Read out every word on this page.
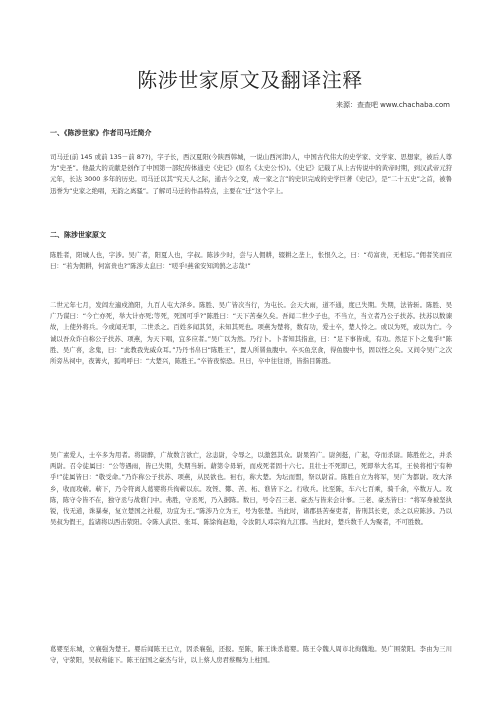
陈涉世家原文及翻译注释
来源：查查吧 www.chachaba.com
一、《陈涉世家》作者司马迁简介

司马迁(前 145 或前 135－前 87?)，字子长，西汉夏阳(今陕西韩城，一说山西河津)人，中国古代伟大的史学家、文学家、思想家，被后人尊为“史圣”。他最大的贡献是创作了中国第一部纪传体通史《史记》(原名《太史公书》)。《史记》记载了从上古传说中的黄帝时期，到汉武帝元狩元年，长达 3000 多年的历史。司马迁以其“究天人之际，通古今之变，成一家之言”的史识完成的史学巨著《史记》，是“二十五史”之首，被鲁迅誉为“史家之绝唱，无韵之离骚”。了解司马迁的作品特点，主要在“迁”这个字上。

二、陈涉世家原文

陈胜者，阳城人也，字涉。吴广者，阳夏人也，字叔。陈涉少时，尝与人佣耕，辍耕之垄上，怅恨久之，曰：“苟富贵，无相忘。”佣者笑而应曰：“若为佣耕，何富贵也?”陈涉太息曰：“嗟乎!燕雀安知鸿鹄之志哉!”

二世元年七月，发闾左適戍渔阳，九百人屯大泽乡。陈胜、吴广皆次当行，为屯长。会天大雨，道不通，度已失期。失期，法皆斩。陈胜、吴广乃谋曰：“今亡亦死，举大计亦死;等死，死国可乎?”陈胜曰：“天下苦秦久矣。吾闻二世少子也，不当立，当立者乃公子扶苏。扶苏以数谏故，上使外将兵。今或闻无罪，二世杀之。百姓多闻其贤，未知其死也。项燕为楚将，数有功，爱士卒，楚人怜之。或以为死，或以为亡。今诚以吾众诈自称公子扶苏、项燕，为天下唱，宜多应者。”吴广以为然。乃行卜。卜者知其指意，曰：“足下事皆成，有功。然足下卜之鬼乎!”陈胜、吴广喜，念鬼，曰：“此教我先威众耳。”乃丹书帛曰“陈胜王”，置人所罾鱼腹中。卒买鱼烹食，得鱼腹中书，固以怪之矣。又间令吴广之次所旁丛祠中，夜篝火，狐鸣呼曰：“大楚兴，陈胜王。”卒皆夜惊恐。旦日，卒中往往语，皆指目陈胜。

吴广素爱人，士卒多为用者。将尉醉，广故数言欲亡，忿恚尉，令辱之，以激怒其众。尉果笞广。尉剑挺，广起，夺而杀尉。陈胜佐之，并杀两尉。召令徒属曰：“公等遇雨，皆已失期，失期当斩。藉第令毋斩，而戍死者固十六七。且壮士不死即已，死即举大名耳，王侯将相宁有种乎!”徒属皆曰：“敬受命。”乃诈称公子扶苏、项燕，从民欲也。袒右，称大楚。为坛而盟，祭以尉首。陈胜自立为将军，吴广为都尉。攻大泽乡，收而攻蕲。蕲下，乃令符离人葛婴将兵徇蕲以东。攻铚、酂、苦、柘、谯皆下之。行收兵。比至陈，车六七百乘，骑千余，卒数万人。攻陈，陈守令皆不在，独守丞与战谯门中。弗胜，守丞死，乃入据陈。数日，号令召三老、豪杰与皆来会计事。三老、豪杰皆曰：“将军身被坚执锐，伐无道，诛暴秦，复立楚国之社稷，功宜为王。”陈涉乃立为王，号为张楚。当此时，诸郡县苦秦吏者，皆刑其长吏，杀之以应陈涉。乃以吴叔为假王，监诸将以西击荥阳。令陈人武臣、张耳、陈馀徇赵地，令汝阴人邓宗徇九江郡。当此时，楚兵数千人为聚者，不可胜数。

葛婴至东城，立襄强为楚王。婴后闻陈王已立，因杀襄强，还报。至陈，陈王诛杀葛婴。陈王令魏人周市北徇魏地。吴广围荥阳。李由为三川守，守荥阳，吴叔弗能下。陈王征国之豪杰与计，以上蔡人房君蔡赐为上柱国。
